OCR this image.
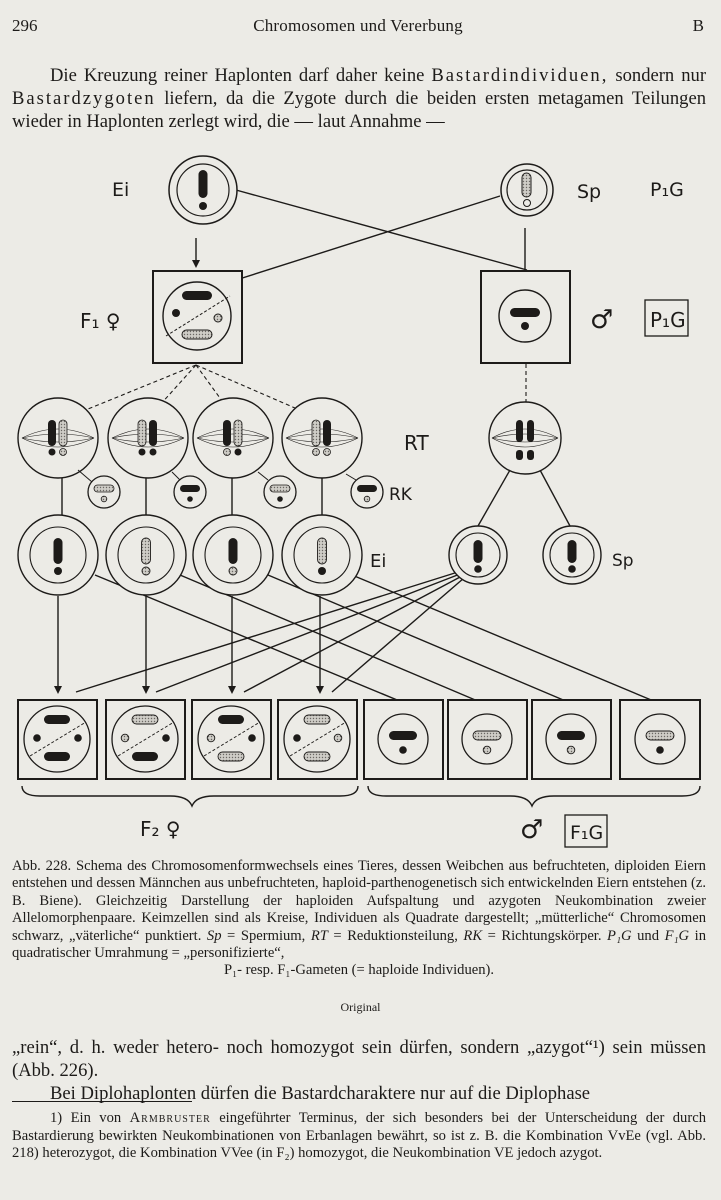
Chromosomen und Vererbung
296	B

Die Kreuzung reiner Haplonten darf daher keine Bastardindividuen, sondern nur Bastardzygoten liefern, da die Zygote durch die beiden ersten metagamen Teilungen wieder in Haplonten zerlegt wird, die — laut Annahme —

Ei	Sp	P₁G
F₁ ♀	♂ P₁G
RT
RK
Ei	Sp
F₂ ♀	♂ F₁G

Abb. 228. Schema des Chromosomenformwechsels eines Tieres, dessen Weibchen aus befruchteten, diploiden Eiern entstehen und dessen Männchen aus unbefruchteten, haploid-parthenogenetisch sich entwickelnden Eiern entstehen (z. B. Biene). Gleichzeitig Darstellung der haploiden Aufspaltung und azygoten Neukombination zweier Allelomorphenpaare. Keimzellen sind als Kreise, Individuen als Quadrate dargestellt; „mütterliche“ Chromosomen schwarz, „väterliche“ punktiert. Sp = Spermium, RT = Reduktionsteilung, RK = Richtungskörper. P₁G und F₁G in quadratischer Umrahmung = „personifizierte“,

P₁- resp. F₁-Gameten (= haploide Individuen).

Original

„rein“, d. h. weder hetero- noch homozygot sein dürfen, sondern „azygot“¹) sein müssen (Abb. 226).

Bei Diplohaplonten dürfen die Bastardcharaktere nur auf die Diplophase

1) Ein von Armbruster eingeführter Terminus, der sich besonders bei der Unterscheidung der durch Bastardierung bewirkten Neukombinationen von Erbanlagen bewährt, so ist z. B. die Kombination VvEe (vgl. Abb. 218) heterozygot, die Kombination VVee (in F₂) homozygot, die Neukombination VE jedoch azygot.
